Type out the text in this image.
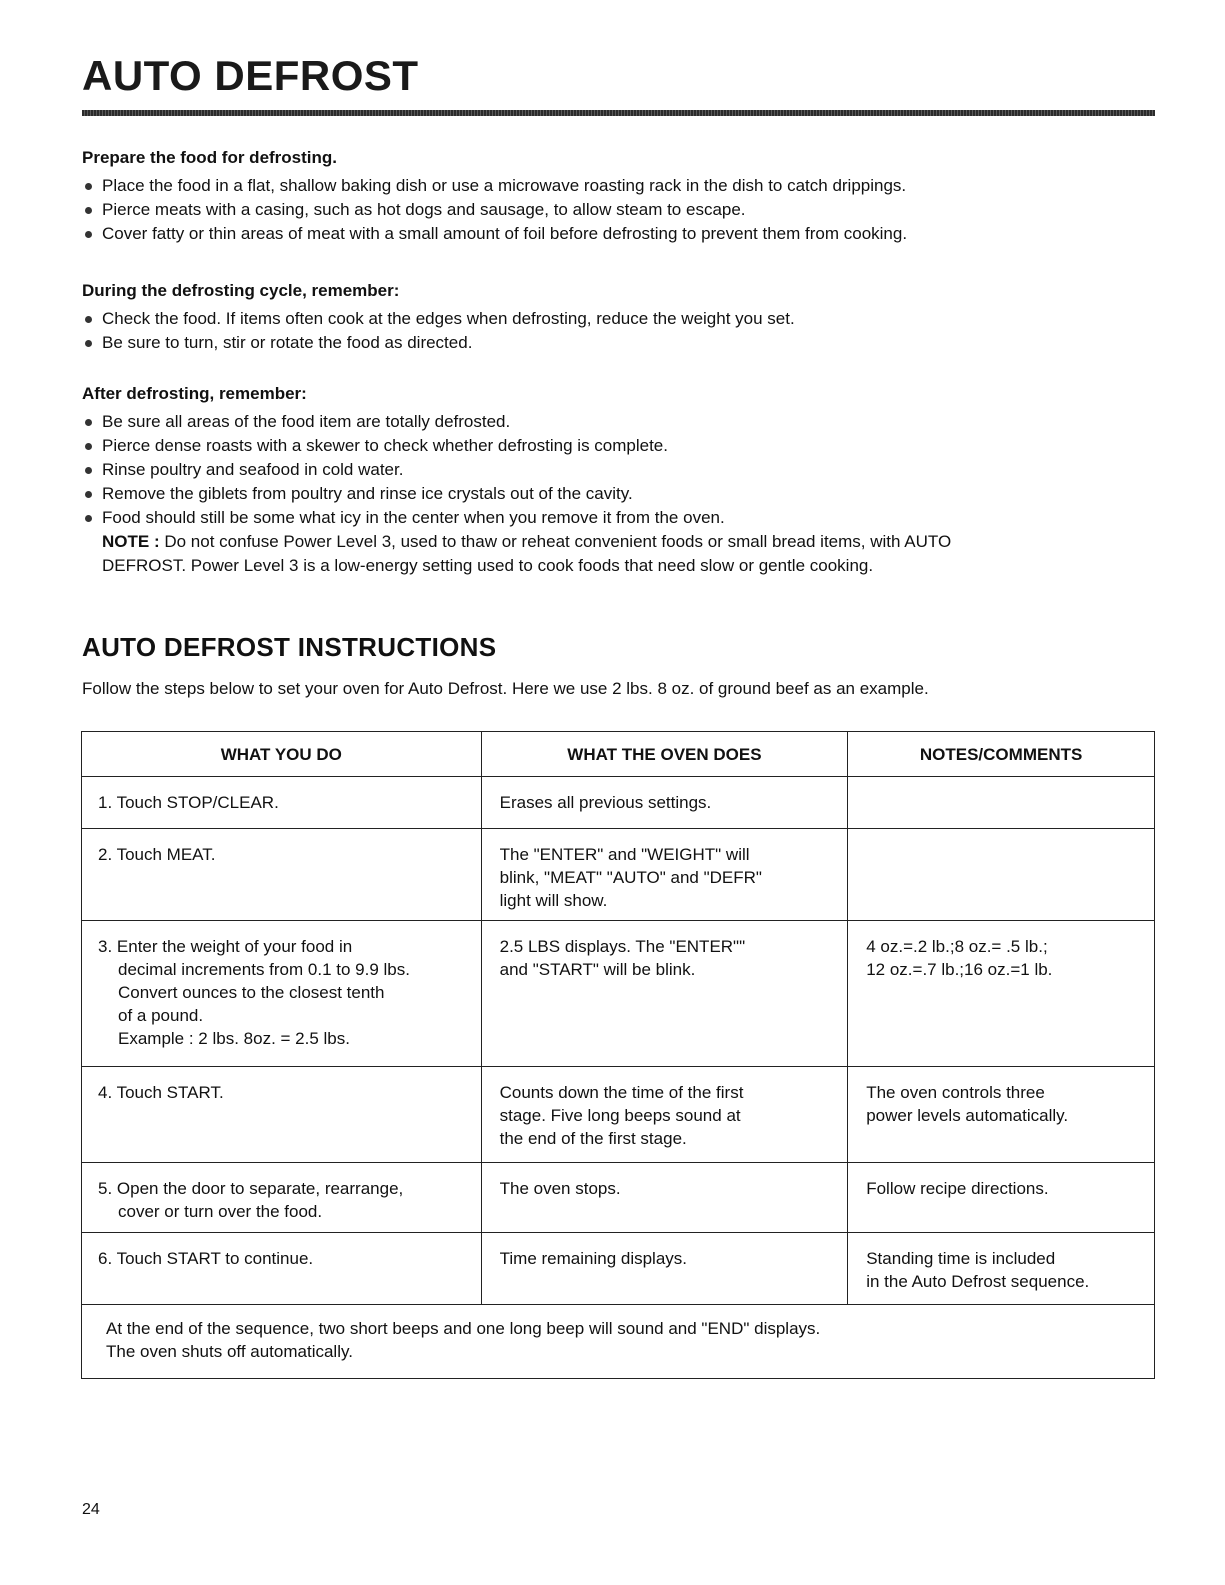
AUTO DEFROST
Prepare the food for defrosting.
Place the food in a flat, shallow baking dish or use a microwave roasting rack in the dish to catch drippings.
Pierce meats with a casing, such as hot dogs and sausage, to allow steam to escape.
Cover fatty or thin areas of meat with a small amount of foil before defrosting to prevent them from cooking.
During the defrosting cycle, remember:
Check the food. If items often cook at the edges when defrosting, reduce the weight you set.
Be sure to turn, stir or rotate the food as directed.
After defrosting, remember:
Be sure all areas of the food item are totally defrosted.
Pierce dense roasts with a skewer to check whether defrosting is complete.
Rinse poultry and seafood in cold water.
Remove the giblets from poultry and rinse ice crystals out of the cavity.
Food should still be some what icy in the center when you remove it from the oven.
NOTE : Do not confuse Power Level 3, used to thaw or reheat convenient foods or small bread items, with AUTO
DEFROST. Power Level 3 is a low-energy setting used to cook foods that need slow or gentle cooking.
AUTO DEFROST INSTRUCTIONS
Follow the steps below to set your oven for Auto Defrost. Here we use 2 lbs. 8 oz. of ground beef as an example.
WHAT YOU DO	WHAT THE OVEN DOES	NOTES/COMMENTS

1. Touch STOP/CLEAR.	Erases all previous settings.	

2. Touch MEAT.	The "ENTER" and "WEIGHT" will
blink, "MEAT" "AUTO" and "DEFR"
light will show.	

3. Enter the weight of your food in
decimal increments from 0.1 to 9.9 lbs.
Convert ounces to the closest tenth
of a pound.
Example : 2 lbs. 8oz. = 2.5 lbs.	2.5 LBS displays. The "ENTER""
and "START" will be blink.	4 oz.=.2 lb.;8 oz.= .5 lb.;
12 oz.=.7 lb.;16 oz.=1 lb.

4. Touch START.	Counts down the time of the first
stage. Five long beeps sound at
the end of the first stage.	The oven controls three
power levels automatically.

5. Open the door to separate, rearrange,
cover or turn over the food.	The oven stops.	Follow recipe directions.

6. Touch START to continue.	Time remaining displays.	Standing time is included
in the Auto Defrost sequence.

At the end of the sequence, two short beeps and one long beep will sound and "END" displays.
The oven shuts off automatically.		
24
